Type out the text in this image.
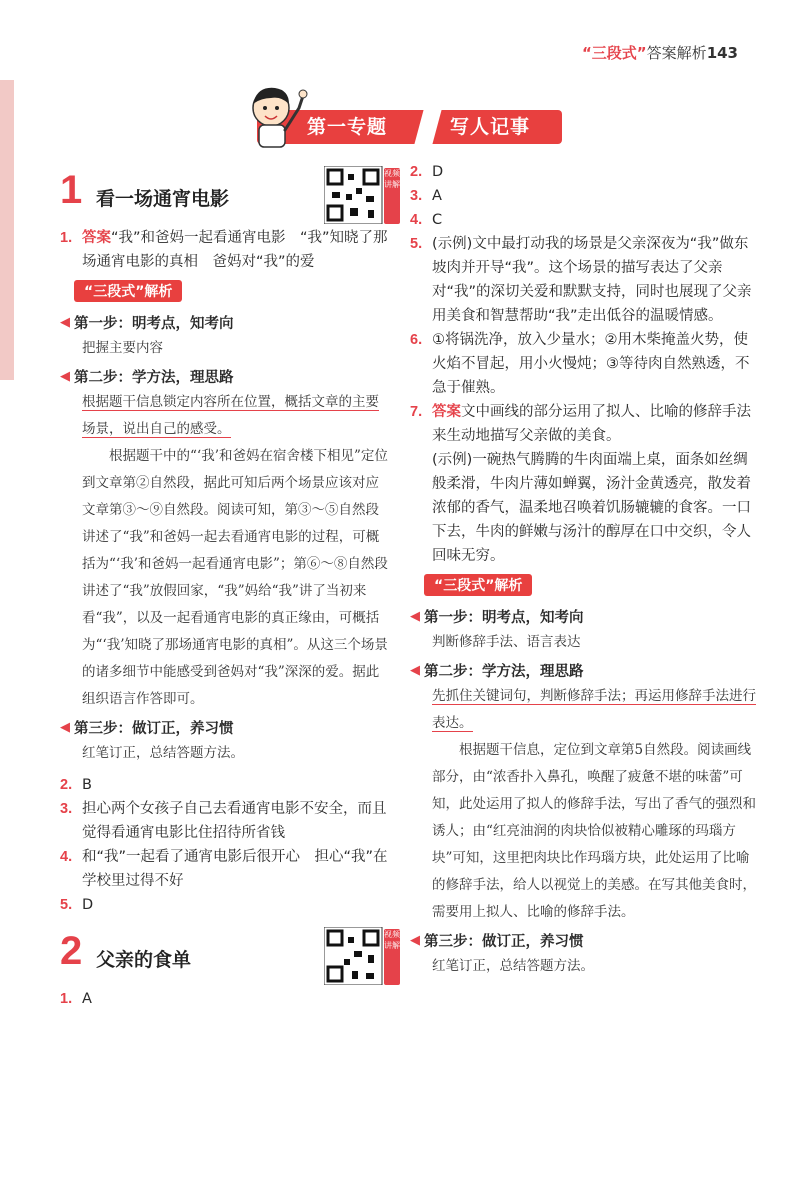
“三段式”答案解析143
第一专题	写人记事
1 看一场通宵电影
视频讲解
1. 答案“我”和爸妈一起看通宵电影　“我”知晓了那场通宵电影的真相　爸妈对“我”的爱
“三段式”解析
◀ 第一步：明考点，知考向

把握主要内容

◀ 第二步：学方法，理思路

根据题干信息锁定内容所在位置，概括文章的主要场景，说出自己的感受。

根据题干中的“‘我’和爸妈在宿舍楼下相见”定位到文章第②自然段，据此可知后两个场景应该对应文章第③～⑨自然段。阅读可知，第③～⑤自然段讲述了“我”和爸妈一起去看通宵电影的过程，可概括为“‘我’和爸妈一起看通宵电影”；第⑥～⑧自然段讲述了“我”放假回家，“我”妈给“我”讲了当初来看“我”，以及一起看通宵电影的真正缘由，可概括为“‘我’知晓了那场通宵电影的真相”。从这三个场景的诸多细节中能感受到爸妈对“我”深深的爱。据此组织语言作答即可。

◀ 第三步：做订正，养习惯

红笔订正，总结答题方法。

2. B
3. 担心两个女孩子自己去看通宵电影不安全，而且觉得看通宵电影比住招待所省钱
4. 和“我”一起看了通宵电影后很开心　担心“我”在学校里过得不好
5. D
2 父亲的食单
视频讲解
1. A
2. D
3. A
4. C
5. (示例)文中最打动我的场景是父亲深夜为“我”做东坡肉并开导“我”。这个场景的描写表达了父亲对“我”的深切关爱和默默支持，同时也展现了父亲用美食和智慧帮助“我”走出低谷的温暖情感。
6. ①将锅洗净，放入少量水；②用木柴掩盖火势，使火焰不冒起，用小火慢炖；③等待肉自然熟透，不急于催熟。
7. 答案文中画线的部分运用了拟人、比喻的修辞手法来生动地描写父亲做的美食。
(示例)一碗热气腾腾的牛肉面端上桌，面条如丝绸般柔滑，牛肉片薄如蝉翼，汤汁金黄透亮，散发着浓郁的香气，温柔地召唤着饥肠辘辘的食客。一口下去，牛肉的鲜嫩与汤汁的醇厚在口中交织，令人回味无穷。
“三段式”解析
◀ 第一步：明考点，知考向

判断修辞手法、语言表达

◀ 第二步：学方法，理思路

先抓住关键词句，判断修辞手法；再运用修辞手法进行表达。

根据题干信息，定位到文章第5自然段。阅读画线部分，由“浓香扑入鼻孔，唤醒了疲惫不堪的味蕾”可知，此处运用了拟人的修辞手法，写出了香气的强烈和诱人；由“红亮油润的肉块恰似被精心雕琢的玛瑙方块”可知，这里把肉块比作玛瑙方块，此处运用了比喻的修辞手法，给人以视觉上的美感。在写其他美食时，需要用上拟人、比喻的修辞手法。

◀ 第三步：做订正，养习惯

红笔订正，总结答题方法。
